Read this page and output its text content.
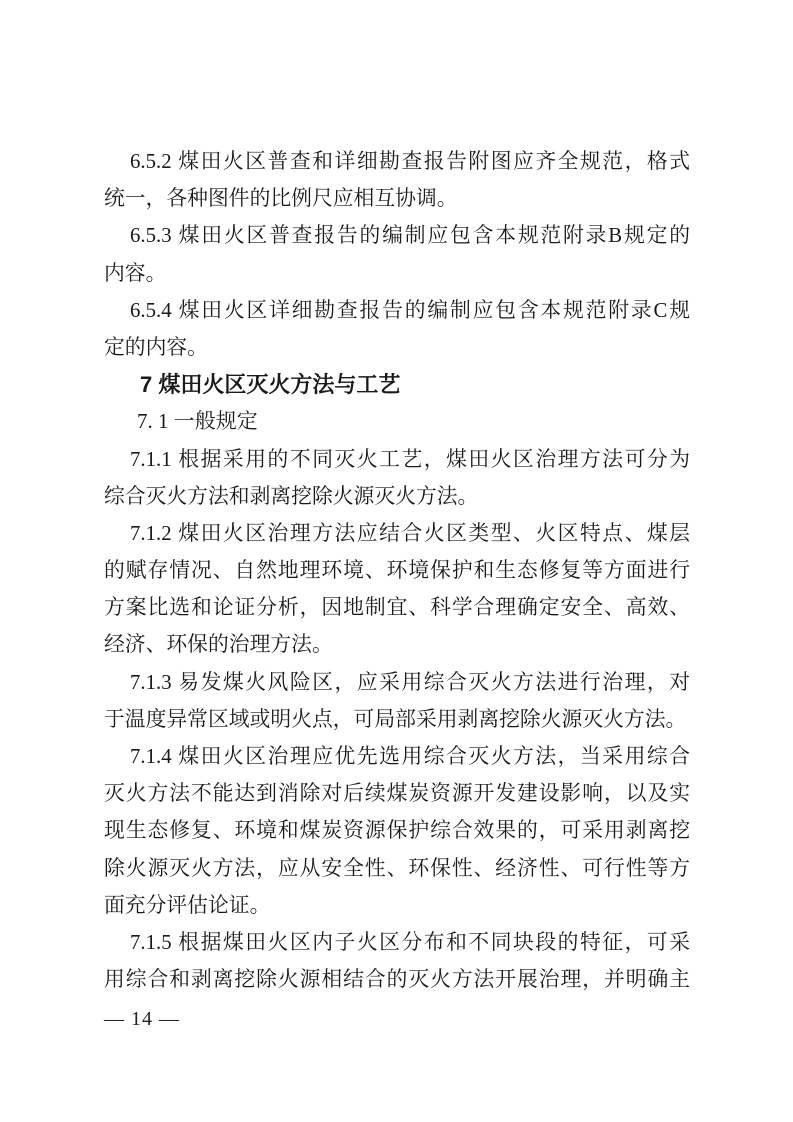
6.5.2 煤田火区普查和详细勘查报告附图应齐全规范，格式
统一，各种图件的比例尺应相互协调。
6.5.3 煤田火区普查报告的编制应包含本规范附录B规定的
内容。
6.5.4 煤田火区详细勘查报告的编制应包含本规范附录C规
定的内容。
7 煤田火区灭火方法与工艺
7. 1 一般规定
7.1.1 根据采用的不同灭火工艺，煤田火区治理方法可分为
综合灭火方法和剥离挖除火源灭火方法。
7.1.2 煤田火区治理方法应结合火区类型、火区特点、煤层
的赋存情况、自然地理环境、环境保护和生态修复等方面进行
方案比选和论证分析，因地制宜、科学合理确定安全、高效、
经济、环保的治理方法。
7.1.3 易发煤火风险区，应采用综合灭火方法进行治理，对
于温度异常区域或明火点，可局部采用剥离挖除火源灭火方法。
7.1.4 煤田火区治理应优先选用综合灭火方法，当采用综合
灭火方法不能达到消除对后续煤炭资源开发建设影响，以及实
现生态修复、环境和煤炭资源保护综合效果的，可采用剥离挖
除火源灭火方法，应从安全性、环保性、经济性、可行性等方
面充分评估论证。
7.1.5 根据煤田火区内子火区分布和不同块段的特征，可采
用综合和剥离挖除火源相结合的灭火方法开展治理，并明确主
— 14 —
